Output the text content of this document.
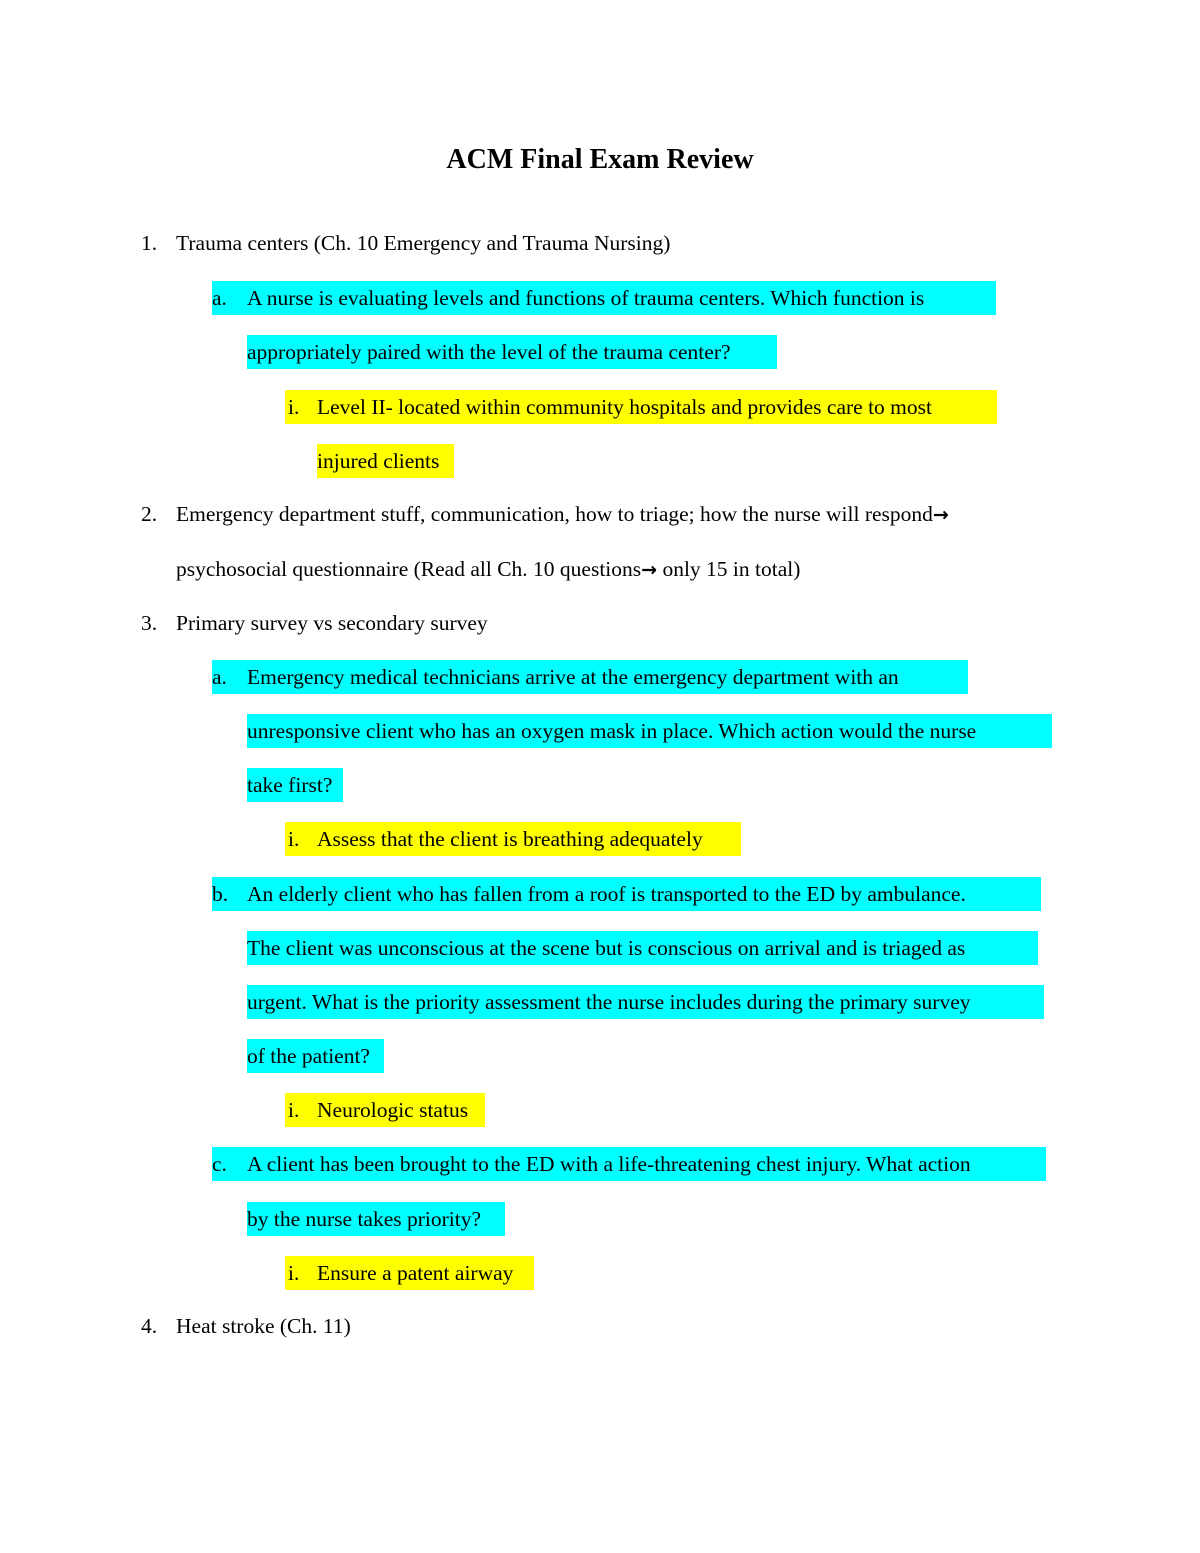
ACM Final Exam Review
1. Trauma centers (Ch. 10 Emergency and Trauma Nursing)
a. A nurse is evaluating levels and functions of trauma centers. Which function is
appropriately paired with the level of the trauma center?
i. Level II- located within community hospitals and provides care to most
injured clients
2. Emergency department stuff, communication, how to triage; how the nurse will respond→
psychosocial questionnaire (Read all Ch. 10 questions→ only 15 in total)
3. Primary survey vs secondary survey
a. Emergency medical technicians arrive at the emergency department with an
unresponsive client who has an oxygen mask in place. Which action would the nurse
take first?
i. Assess that the client is breathing adequately
b. An elderly client who has fallen from a roof is transported to the ED by ambulance.
The client was unconscious at the scene but is conscious on arrival and is triaged as
urgent. What is the priority assessment the nurse includes during the primary survey
of the patient?
i. Neurologic status
c. A client has been brought to the ED with a life-threatening chest injury. What action
by the nurse takes priority?
i. Ensure a patent airway
4. Heat stroke (Ch. 11)
